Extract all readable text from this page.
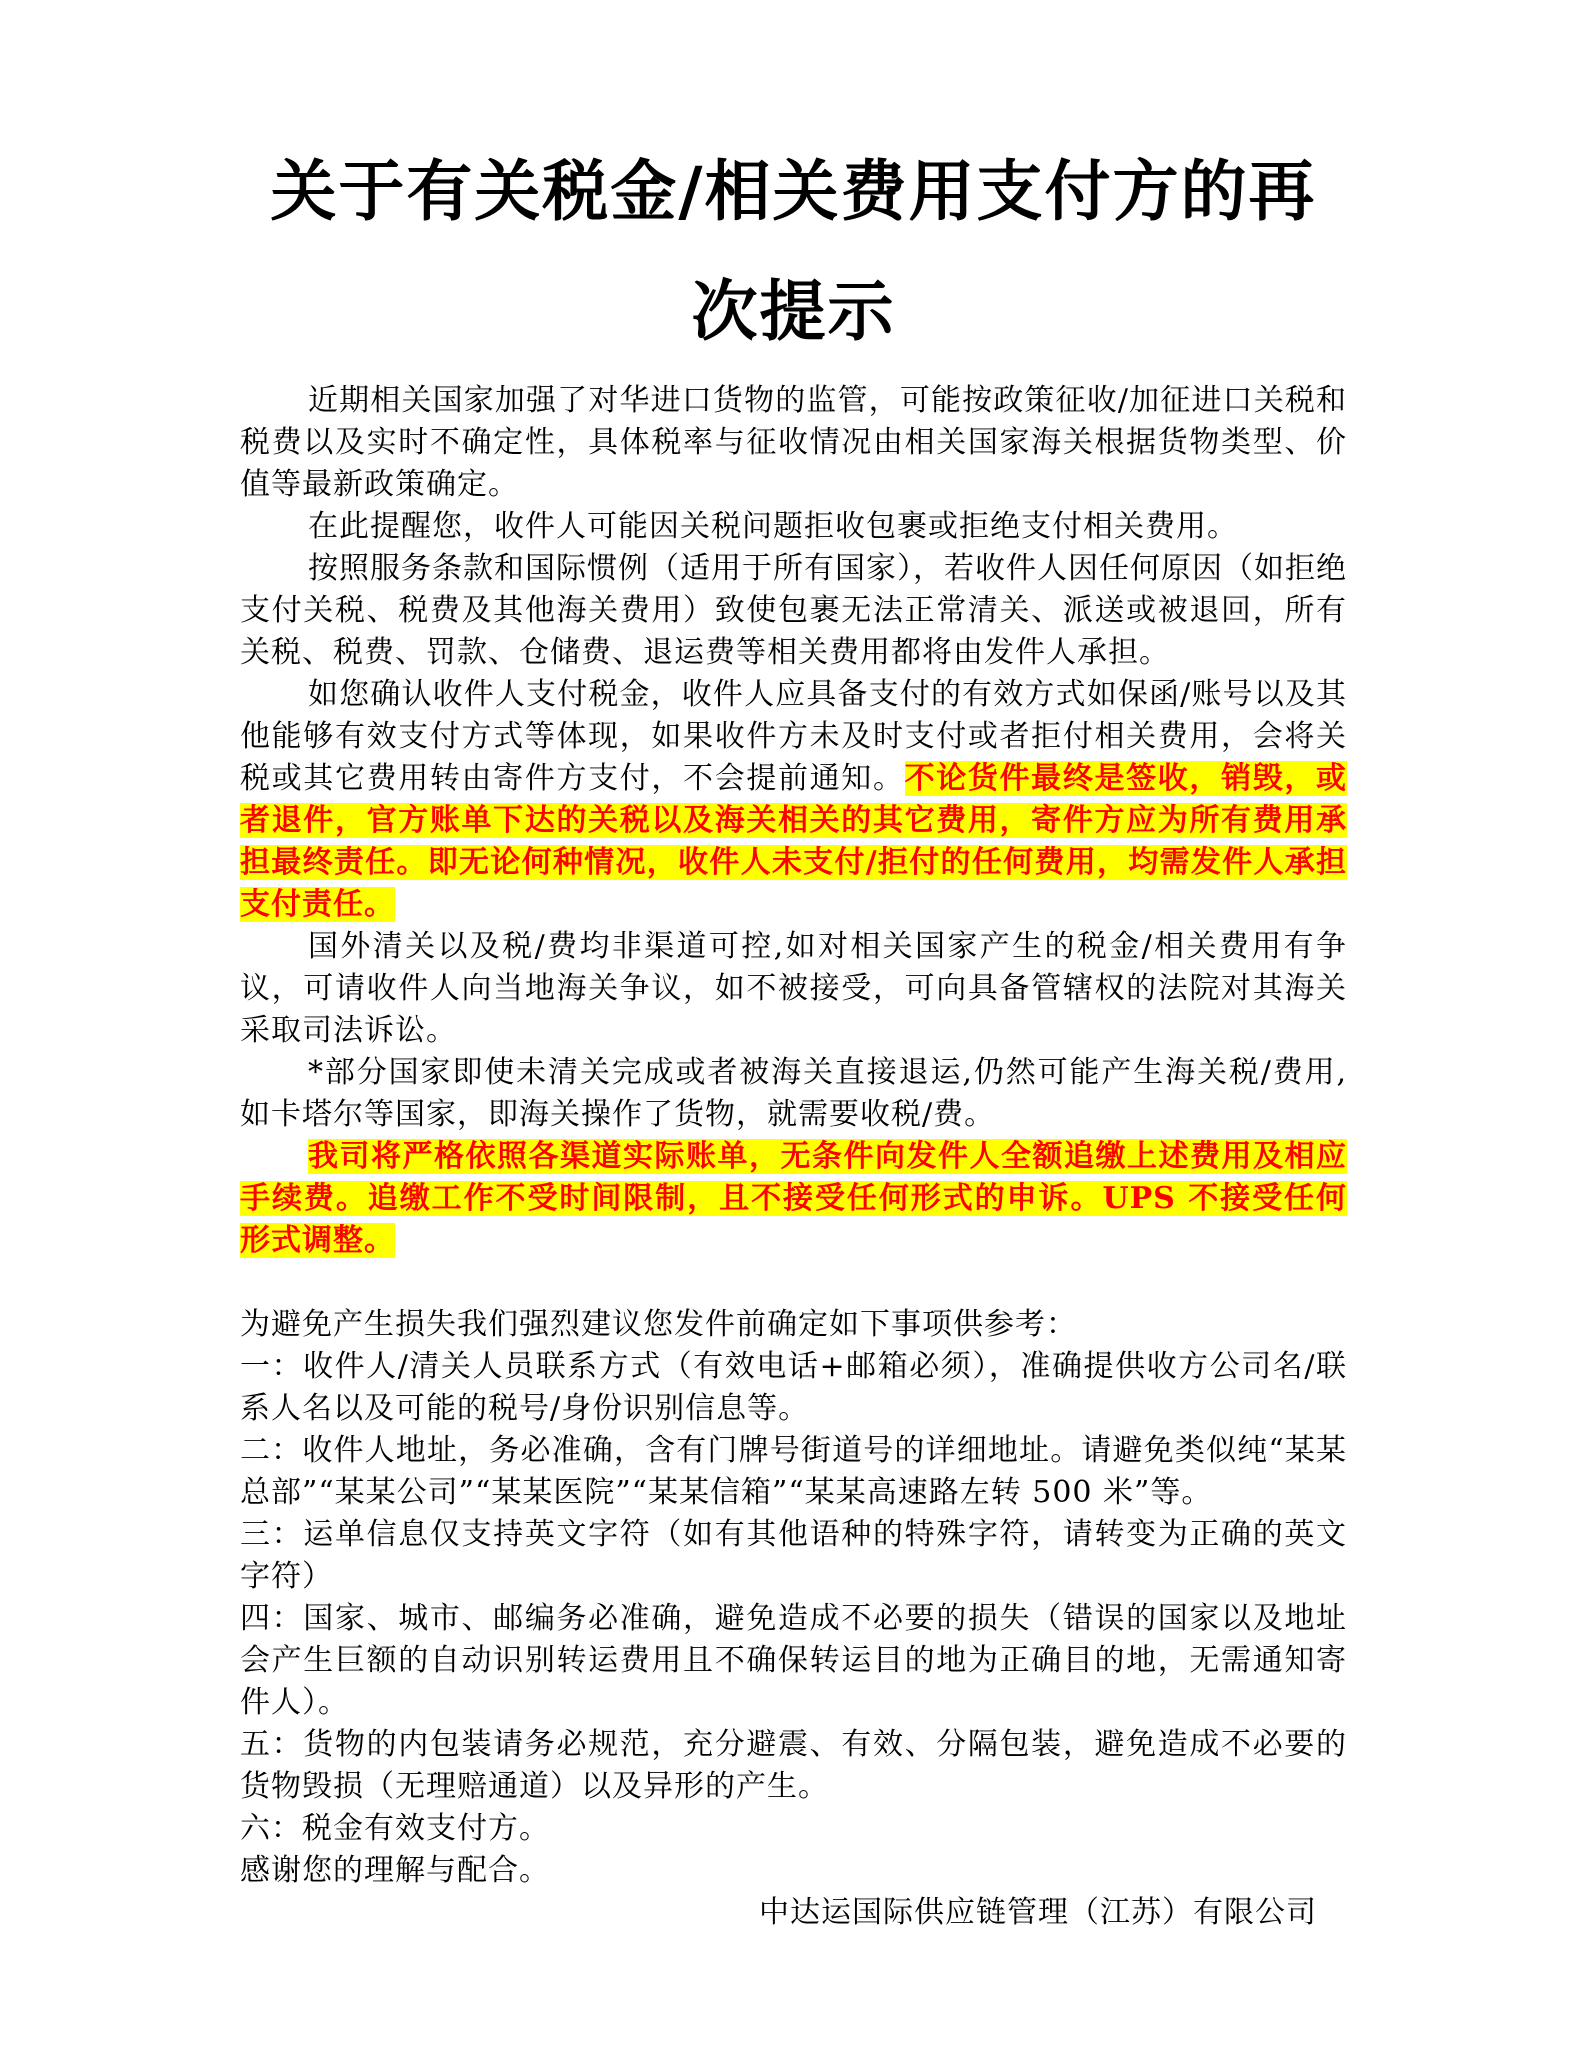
关于有关税金/相关费用支付方的再
次提示

近期相关国家加强了对华进口货物的监管，可能按政策征收/加征进口关税和税费以及实时不确定性，具体税率与征收情况由相关国家海关根据货物类型、价值等最新政策确定。

在此提醒您，收件人可能因关税问题拒收包裹或拒绝支付相关费用。

按照服务条款和国际惯例（适用于所有国家），若收件人因任何原因（如拒绝支付关税、税费及其他海关费用）致使包裹无法正常清关、派送或被退回，所有关税、税费、罚款、仓储费、退运费等相关费用都将由发件人承担。

如您确认收件人支付税金，收件人应具备支付的有效方式如保函/账号以及其他能够有效支付方式等体现，如果收件方未及时支付或者拒付相关费用，会将关税或其它费用转由寄件方支付，不会提前通知。不论货件最终是签收，销毁，或者退件，官方账单下达的关税以及海关相关的其它费用，寄件方应为所有费用承担最终责任。即无论何种情况，收件人未支付/拒付的任何费用，均需发件人承担支付责任。

国外清关以及税/费均非渠道可控,如对相关国家产生的税金/相关费用有争议，可请收件人向当地海关争议，如不被接受，可向具备管辖权的法院对其海关采取司法诉讼。

*部分国家即使未清关完成或者被海关直接退运,仍然可能产生海关税/费用,如卡塔尔等国家，即海关操作了货物，就需要收税/费。

我司将严格依照各渠道实际账单，无条件向发件人全额追缴上述费用及相应手续费。追缴工作不受时间限制，且不接受任何形式的申诉。UPS 不接受任何形式调整。

为避免产生损失我们强烈建议您发件前确定如下事项供参考：

一：收件人/清关人员联系方式（有效电话+邮箱必须），准确提供收方公司名/联系人名以及可能的税号/身份识别信息等。

二：收件人地址，务必准确，含有门牌号街道号的详细地址。请避免类似纯“某某总部”“某某公司”“某某医院”“某某信箱”“某某高速路左转 500 米”等。

三：运单信息仅支持英文字符（如有其他语种的特殊字符，请转变为正确的英文字符）

四：国家、城市、邮编务必准确，避免造成不必要的损失（错误的国家以及地址会产生巨额的自动识别转运费用且不确保转运目的地为正确目的地，无需通知寄件人）。

五：货物的内包装请务必规范，充分避震、有效、分隔包装，避免造成不必要的货物毁损（无理赔通道）以及异形的产生。

六：税金有效支付方。

感谢您的理解与配合。

中达运国际供应链管理（江苏）有限公司
